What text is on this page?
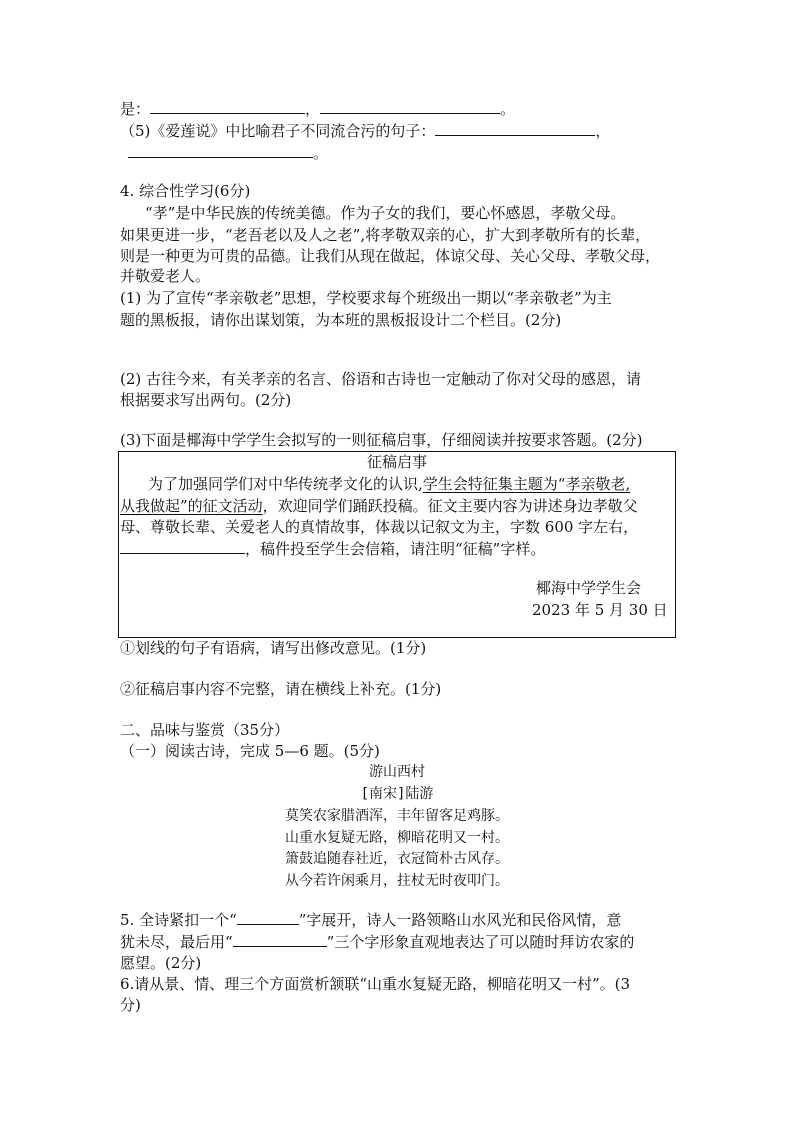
是：	，	。
（5)《爱莲说》中比喻君子不同流合污的句子：	，
。
4. 综合性学习(6分)
“孝”是中华民族的传统美德。作为子女的我们，要心怀感恩，孝敬父母。
如果更进一步，“老吾老以及人之老”,将孝敬双亲的心，扩大到孝敬所有的长辈，
则是一种更为可贵的品德。让我们从现在做起，体谅父母、关心父母、孝敬父母，
并敬爱老人。
(1) 为了宣传“孝亲敬老”思想，学校要求每个班级出一期以“孝亲敬老”为主
题的黑板报，请你出谋划策，为本班的黑板报设计二个栏目。(2分)
(2) 古往今来，有关孝亲的名言、俗语和古诗也一定触动了你对父母的感恩，请
根据要求写出两句。(2分)
(3)下面是椰海中学学生会拟写的一则征稿启事，仔细阅读并按要求答题。(2分)
征稿启事
为了加强同学们对中华传统孝文化的认识,学生会特征集主题为“孝亲敬老,
从我做起”的征文活动，欢迎同学们踊跃投稿。征文主要内容为讲述身边孝敬父
母、尊敬长辈、关爱老人的真情故事，体裁以记叙文为主，字数 600 字左右，
，稿件投至学生会信箱，请注明“征稿”字样。
椰海中学学生会
2023 年 5 月 30 日
①划线的句子有语病，请写出修改意见。(1分)
②征稿启事内容不完整，请在横线上补充。(1分)
二、品味与鉴赏（35分）
（一）阅读古诗，完成 5—6 题。(5分)
游山西村
[南宋]陆游
莫笑农家腊酒浑，丰年留客足鸡豚。
山重水复疑无路，柳暗花明又一村。
箫鼓追随春社近，衣冠简朴古风存。
从今若许闲乘月，拄杖无时夜叩门。
5. 全诗紧扣一个“	”字展开，诗人一路领略山水风光和民俗风情，意
犹未尽，最后用“	”三个字形象直观地表达了可以随时拜访农家的
愿望。(2分)
6.请从景、情、理三个方面赏析颔联“山重水复疑无路，柳暗花明又一村”。(3
分)
